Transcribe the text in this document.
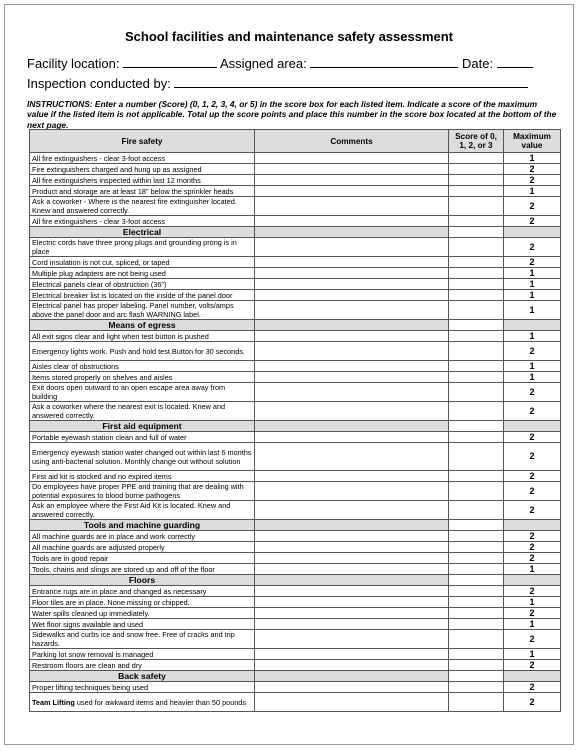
School facilities and maintenance safety assessment
Facility location:	Assigned area:	Date:
Inspection conducted by:
INSTRUCTIONS: Enter a number (Score) (0, 1, 2, 3, 4, or 5) in the score box for each listed item. Indicate a score of the maximum value if the listed item is not applicable. Total up the score points and place this number in the score box located at the bottom of the next page.
Fire safety	Comments	Score of 0, 1, 2, or 3	Maximum value
All fire extinguishers - clear 3-foot access			1
Fire extinguishers charged and hung up as assigned			2
All fire extinguishers inspected within last 12 months			2
Product and storage are at least 18" below the sprinkler heads			1
Ask a coworker - Where is the nearest fire extinguisher located. Knew and answered correctly.			2
All fire extinguishers - clear 3-foot access			2
Electrical			
Electric cords have three prong plugs and grounding prong is in place			2
Cord insulation is not cut, spliced, or taped			2
Multiple plug adapters are not being used			1
Electrical panels clear of obstruction (36")			1
Electrical breaker list is located on the inside of the panel door			1
Electrical panel has proper labeling. Panel number, volts/amps above the panel door and arc flash WARNING label.			1
Means of egress			
All exit signs clear and light when test button is pushed			1
Emergency lights work. Push and hold test Button for 30 seconds.			2
Aisles clear of obstructions			1
Items stored properly on shelves and aisles			1
Exit doors open outward to an open escape area away from building			2
Ask a coworker where the nearest exit is located. Knew and answered correctly.			2
First aid equipment			
Portable eyewash station clean and full of water			2
Emergency eyewash station water changed out within last 6 months using anti-bacterial solution. Monthly change out without solution			2
First aid kit is stocked and no expired items			2
Do employees have proper PPE and training that are dealing with potential exposures to blood borne pathogens			2
Ask an employee where the First Aid Kit is located. Knew and answered correctly.			2
Tools and machine guarding			
All machine guards are in place and work correctly			2
All machine guards are adjusted properly			2
Tools are in good repair			2
Tools, chains and slings are stored up and off of the floor			1
Floors			
Entrance rugs are in place and changed as necessary			2
Floor tiles are in place. None missing or chipped.			1
Water spills cleaned up immediately.			2
Wet floor signs available and used			1
Sidewalks and curbs ice and snow free. Free of cracks and trip hazards.			2
Parking lot snow removal is managed			1
Restroom floors are clean and dry			2
Back safety			
Proper lifting techniques being used			2
Team Lifting used for awkward items and heavier than 50 pounds			2
